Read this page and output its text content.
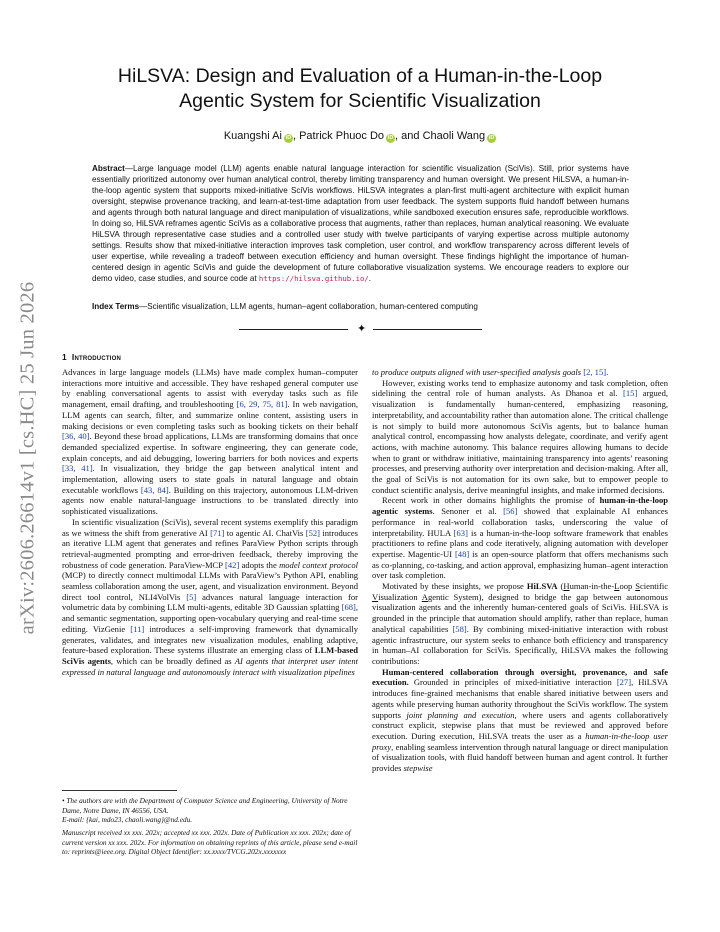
arXiv:2606.26614v1 [cs.HC] 25 Jun 2026
HiLSVA: Design and Evaluation of a Human-in-the-Loop Agentic System for Scientific Visualization
Kuangshi Ai iD , Patrick Phuoc Do iD , and Chaoli Wang iD

Abstract—Large language model (LLM) agents enable natural language interaction for scientific visualization (SciVis). Still, prior systems have essentially prioritized autonomy over human analytical control, thereby limiting transparency and human oversight. We present HiLSVA, a human-in-the-loop agentic system that supports mixed-initiative SciVis workflows. HiLSVA integrates a plan-first multi-agent architecture with explicit human oversight, stepwise provenance tracking, and learn-at-test-time adaptation from user feedback. The system supports fluid handoff between humans and agents through both natural language and direct manipulation of visualizations, while sandboxed execution ensures safe, reproducible workflows. In doing so, HiLSVA reframes agentic SciVis as a collaborative process that augments, rather than replaces, human analytical reasoning. We evaluate HiLSVA through representative case studies and a controlled user study with twelve participants of varying expertise across multiple autonomy settings. Results show that mixed-initiative interaction improves task completion, user control, and workflow transparency across different levels of user expertise, while revealing a tradeoff between execution efficiency and human oversight. These findings highlight the importance of human-centered design in agentic SciVis and guide the development of future collaborative visualization systems. We encourage readers to explore our demo video, case studies, and source code at https://hilsva.github.io/.

Index Terms—Scientific visualization, LLM agents, human–agent collaboration, human-centered computing

✦
1 Introduction

Advances in large language models (LLMs) have made complex human–computer interactions more intuitive and accessible. They have reshaped general computer use by enabling conversational agents to assist with everyday tasks such as file management, email drafting, and troubleshooting [6, 29, 75, 81]. In web navigation, LLM agents can search, filter, and summarize online content, assisting users in making decisions or even completing tasks such as booking tickets on their behalf [36, 40]. Beyond these broad applications, LLMs are transforming domains that once demanded specialized expertise. In software engineering, they can generate code, explain concepts, and aid debugging, lowering barriers for both novices and experts [33, 41]. In visualization, they bridge the gap between analytical intent and implementation, allowing users to state goals in natural language and obtain executable workflows [43, 84]. Building on this trajectory, autonomous LLM-driven agents now enable natural-language instructions to be translated directly into sophisticated visualizations.

In scientific visualization (SciVis), several recent systems exemplify this paradigm as we witness the shift from generative AI [71] to agentic AI. ChatVis [52] introduces an iterative LLM agent that generates and refines ParaView Python scripts through retrieval-augmented prompting and error-driven feedback, thereby improving the robustness of code generation. ParaView-MCP [42] adopts the model context protocol (MCP) to directly connect multimodal LLMs with ParaView’s Python API, enabling seamless collaboration among the user, agent, and visualization environment. Beyond direct tool control, NLI4VolVis [5] advances natural language interaction for volumetric data by combining LLM multi-agents, editable 3D Gaussian splatting [68], and semantic segmentation, supporting open-vocabulary querying and real-time scene editing. VizGenie [11] introduces a self-improving framework that dynamically generates, validates, and integrates new visualization modules, enabling adaptive, feature-based exploration. These systems illustrate an emerging class of LLM-based SciVis agents, which can be broadly defined as AI agents that interpret user intent expressed in natural language and autonomously interact with visualization pipelines

• The authors are with the Department of Computer Science and Engineering, University of Notre Dame, Notre Dame, IN 46556, USA.
E-mail: {kai, mdo23, chaoli.wang}@nd.edu.

Manuscript received xx xxx. 202x; accepted xx xxx. 202x. Date of Publication xx xxx. 202x; date of current version xx xxx. 202x. For information on obtaining reprints of this article, please send e-mail to: reprints@ieee.org. Digital Object Identifier: xx.xxxx/TVCG.202x.xxxxxxx

to produce outputs aligned with user-specified analysis goals [2, 15].

However, existing works tend to emphasize autonomy and task completion, often sidelining the central role of human analysts. As Dhanoa et al. [15] argued, visualization is fundamentally human-centered, emphasizing reasoning, interpretability, and accountability rather than automation alone. The critical challenge is not simply to build more autonomous SciVis agents, but to balance human analytical control, encompassing how analysts delegate, coordinate, and verify agent actions, with machine autonomy. This balance requires allowing humans to decide when to grant or withdraw initiative, maintaining transparency into agents’ reasoning processes, and preserving authority over interpretation and decision-making. After all, the goal of SciVis is not automation for its own sake, but to empower people to conduct scientific analysis, derive meaningful insights, and make informed decisions.

Recent work in other domains highlights the promise of human-in-the-loop agentic systems. Senoner et al. [56] showed that explainable AI enhances performance in real-world collaboration tasks, underscoring the value of interpretability. HULA [63] is a human-in-the-loop software framework that enables practitioners to refine plans and code iteratively, aligning automation with developer expertise. Magentic-UI [48] is an open-source platform that offers mechanisms such as co-planning, co-tasking, and action approval, emphasizing human–agent interaction over task completion.

Motivated by these insights, we propose HiLSVA (Human-in-the-Loop Scientific Visualization Agentic System), designed to bridge the gap between autonomous visualization agents and the inherently human-centered goals of SciVis. HiLSVA is grounded in the principle that automation should amplify, rather than replace, human analytical capabilities [58]. By combining mixed-initiative interaction with robust agentic infrastructure, our system seeks to enhance both efficiency and transparency in human–AI collaboration for SciVis. Specifically, HiLSVA makes the following contributions:

Human-centered collaboration through oversight, provenance, and safe execution. Grounded in principles of mixed-initiative interaction [27], HiLSVA introduces fine-grained mechanisms that enable shared initiative between users and agents while preserving human authority throughout the SciVis workflow. The system supports joint planning and execution, where users and agents collaboratively construct explicit, stepwise plans that must be reviewed and approved before execution. During execution, HiLSVA treats the user as a human-in-the-loop user proxy, enabling seamless intervention through natural language or direct manipulation of visualization tools, with fluid handoff between human and agent control. It further provides stepwise
